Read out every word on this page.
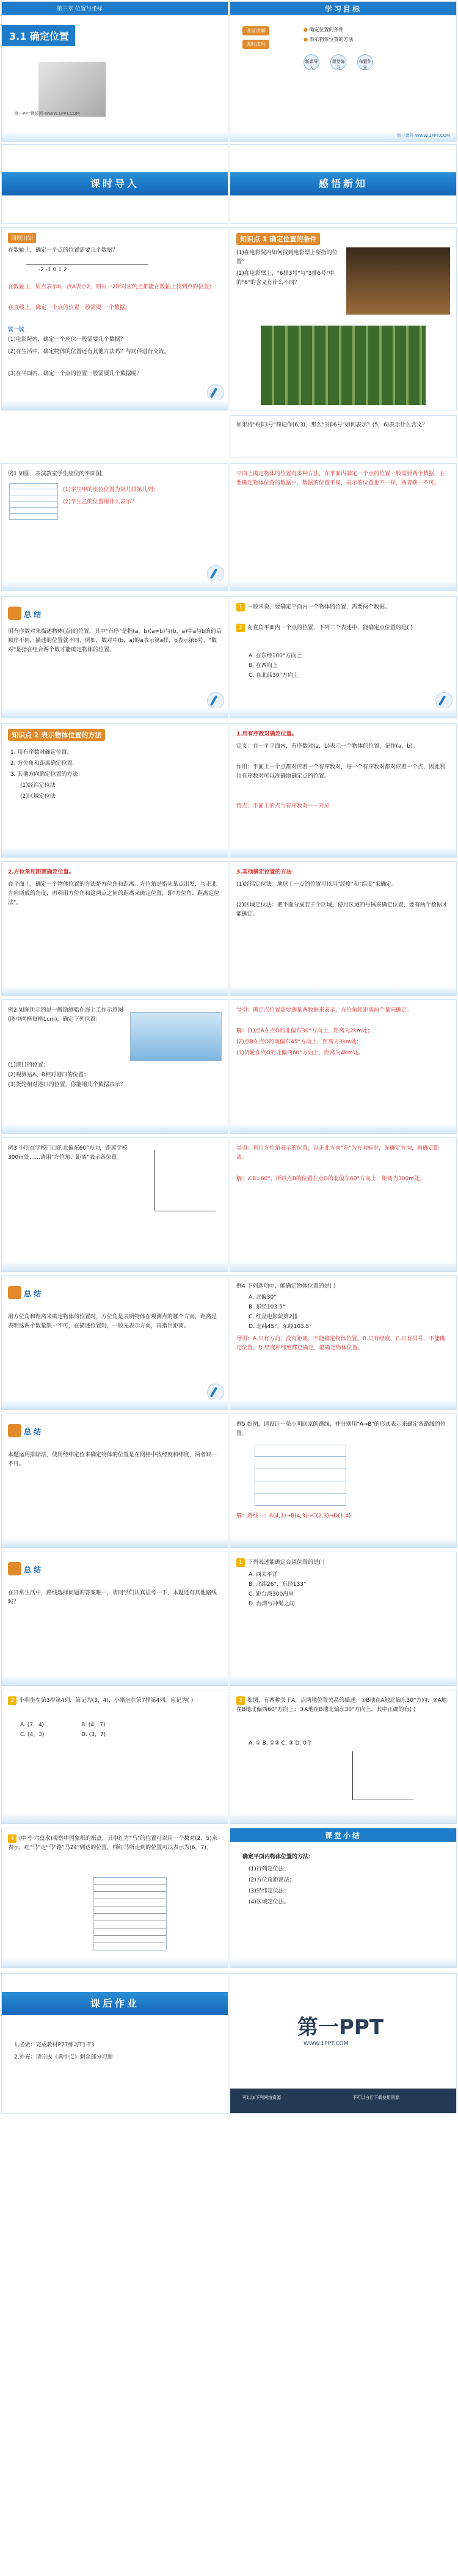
第三章 位置与坐标
3.1 确定位置
第一PPT模板网-WWW.1PPT.COM
学习目标
课堂讲解
课时流程
● 确定位置的条件
● 表示物体位置的方法
新课导入
课堂练习
布置作业
第一课件 WWW.1PPT.COM
课时导入	感悟新知
回顾旧知
在数轴上，确定一个点的位置需要几个数据？
-2 -1 0 1 2
在数轴上，原点表示0，点A表示2，则由一2所对应的点都能在数轴上找到点的位置；
在直线上，确定一个点的位置一般需要 一个数据。
议一议
(1)电影院内，确定一个座位一般需要几个数据？
(2)在生活中，确定物体的位置还有其他方法吗？与同伴进行交流。
(3)在平面内，确定一个点的位置一般需要几个数据呢？
知识点 1 确定位置的条件
(1)在电影院内如何找到电影票上所指的位置？
(2)在电影票上，"6排3号"与"3排6号"中的"6"的含义有什么不同？
如果将"6排3号"简记作(6,3)，那么"3排6号"如何表示？(5，6)表示什么含义？
例1 如图，表演教室学生座位的平面图。
(1)学生甲的座位位置为第几排第几列；
(2)学生乙的位置用什么表示？
平面上确定物体的位置有多种方法，在平面内确定一个点的位置一般需要两个数据，在要确定物体位置的数据中，数据的位置不同，表示的位置也不一样，两者缺一不可。
总 结
用有序数对来描述物体(点)的位置，其中"有序"是指(a，b)(a≠b)与(b，a)中a与b的前后顺序不同，描述的位置就不同，例如，数对中(b，a)的a表示第a排，b表示第b号，"数对"是指在组合两个数才能确定物体的位置。
1 一般来说，要确定平面内一个物体的位置，需要两个数据。
2 在直角平面内一个点的位置，下列三个表述中，能确定点位置的是( )
A. 在东经100°方向上
B. 在西向上
C. 在北纬30°方向上
知识点 2 表示物体位置的方法
1. 用有序数对确定位置。
2. 方位角和距离确定位置。
3. 其他方向确定位置的方法：
(1)经纬定位法
(2)区域定位法
1.用有序数对确定位置。
定义：在一个平面内，有序数对(a，b)表示一个物体的位置，记作(a，b)。
作用：平面上一个点都对应着一个有序数对，每一个有序数对都对应着一个点，因此利用有序数对可以准确地确定点的位置。
特点：平面上的点与有序数对一一对应
2.方位角和距离确定位置。
在平面上，确定一个物体位置的方法是方位角和距离。方位角是指从某点出发，与正北方向所成的角度，再利用方位角和这两点之间的距离来确定位置，即"方位角、距离定位法"。
3.其他确定位置的方法
(1)经纬定位法：地球上一点的位置可以用"经度"和"纬度"来确定。
(2)区域定位法：把平面分成若干个区域，使用区域的号码来确定位置，要有两个数据才能确定。
例2 如图所示的是一艘勘测船在海上工作示意图(图中网格每格1cm)，确定下列位置：
(1)港口的位置；
(2)观测站A、B相对港口的位置；
(3)货轮相对港口的位置，你能用几个数据表示？
导引：确定点位置需要测量两数据来表示，方位角和距离两个量来确定。
解：(1)点A在点O的北偏东30°方向上，距离为2km处；
(2)点B在点O的南偏东45°方向上，距离为3km处；
(3)货轮在点O的北偏西60°方向上，距离为4km处。
例3 小明在学校门口的北偏东60°方向，距离学校300m处……请用"方位角、距离"表示各位置。
导引：利用方位角表示的位置，以正北方向"东"为方向标准，先确定方向，再确定距离。
解：∠B=60°，所以点B的位置在点O的北偏东60°方向上，距离为300m处。
总 结
用方位角和距离来确定物体的位置时，方位角是表明物体在观测点的哪个方向，距离是表明这两个数量缺一不可，在描述位置时，一般先表示方向，再指出距离。
例4 下列选项中，能确定物体位置的是( )
A. 北偏30°
B. 东经103.5°
C. 红星电影院第2排
D. 北纬45°，东经103.5°
导引：A.只有方向，没有距离，不能确定物体位置。B.只有经度，C.只有排号，不能确定位置。D.经度和纬度都已确定，能确定物体位置。
总 结
本题运用排除法，使用经纬定位来确定物体的位置是在网格中找经度和纬度，两者缺一不可。
例5 如图，请设计一条小明回家的路线，并分别用"A→B"的形式表示来确定各路线的位置。
解：路线一：A(4,1)→B(4,3)→C(2,3)→D(1,4)
总 结
在日常生活中，路线选择问题的答案唯一，请同学们认真思考一下，本题还有其他路线吗？
1 下列表述能确定台风位置的是( )
A. 西太平洋
B. 北纬26°，东经133°
C. 距台湾300海里
D. 台湾与冲绳之间
2 小明坐在第3排第4列，简记为(3，4)，小刚坐在第7排第4列，应记为( )
A. (7，4)	B. (4，7)
C. (4，3)	D. (3，7)
3 如图，有两种关于A，点两地位置关系的描述：①B地在A地北偏东30°方向；②A地在B地北偏西60°方向上；③A地在B地北偏东30°方向上，其中正确的有( )
A. ① B. ①② C. ③ D. 0个
4 (中考·六盘水)观察中国象棋的棋盘，其中红方"马"的位置可以用一个数对(2，5)来表示，红"马"走"马"路"马24"到达的位置，则红马所走到的位置可以表示为(6，7)。
课堂小结
确定平面内物体位置的方法：
(1)行列定位法；
(2)方位角距离法；
(3)经纬定位法；
(4)区域定位法。
课后作业
1.必做：完成教材P77练习T1-T3
2.补充：请完成《典中点》剩余部分习题
第一PPT
WWW.1PPT.COM
可以加下列网络资源	不可以自行下载使用资源
